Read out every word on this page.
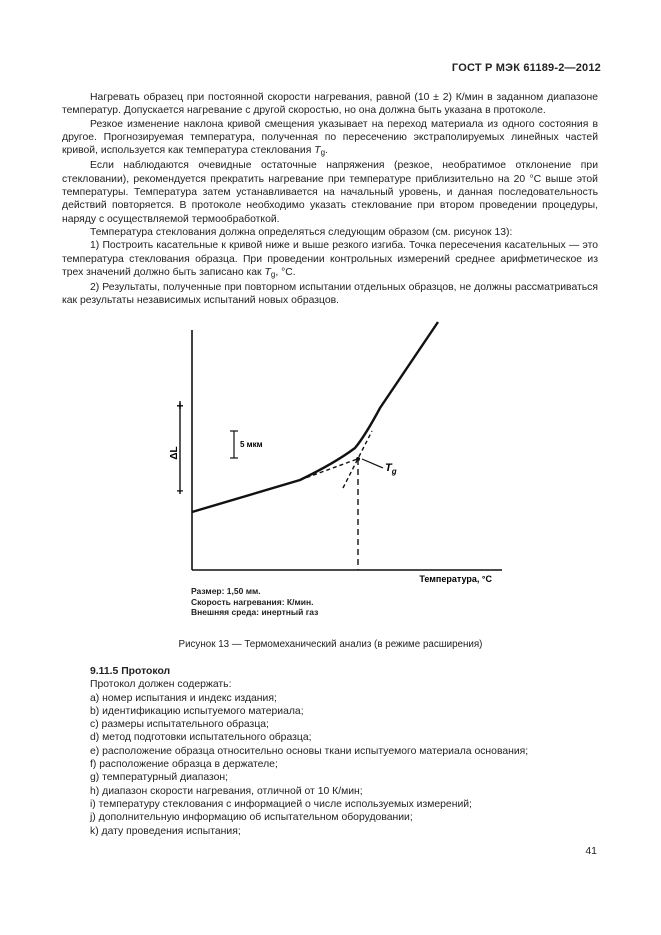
ГОСТ Р МЭК 61189-2—2012

Нагревать образец при постоянной скорости нагревания, равной (10 ± 2) К/мин в заданном диапазоне температур. Допускается нагревание с другой скоростью, но она должна быть указана в протоколе.

Резкое изменение наклона кривой смещения указывает на переход материала из одного состояния в другое. Прогнозируемая температура, полученная по пересечению экстраполируемых линейных частей кривой, используется как температура стеклования $T_g$.

Если наблюдаются очевидные остаточные напряжения (резкое, необратимое отклонение при стекловании), рекомендуется прекратить нагревание при температуре приблизительно на 20 °С выше этой температуры. Температура затем устанавливается на начальный уровень, и данная последовательность действий повторяется. В протоколе необходимо указать стеклование при втором проведении процедуры, наряду с осуществляемой термообработкой.

Температура стеклования должна определяться следующим образом (см. рисунок 13):

1) Построить касательные к кривой ниже и выше резкого изгиба. Точка пересечения касательных — это температура стеклования образца. При проведении контрольных измерений среднее арифметическое из трех значений должно быть записано как $T_g$, °С.

2) Результаты, полученные при повторном испытании отдельных образцов, не должны рассматриваться как результаты независимых испытаний новых образцов.

+
–
ΔL
5 мкм
$T_g$
Температура, °С
Размер: 1,50 мм.
Скорость нагревания: К/мин.
Внешняя среда: инертный газ
Рисунок 13 — Термомеханический анализ (в режиме расширения)

9.11.5 Протокол

Протокол должен содержать:

a) номер испытания и индекс издания;

b) идентификацию испытуемого материала;

c) размеры испытательного образца;

d) метод подготовки испытательного образца;

e) расположение образца относительно основы ткани испытуемого материала основания;

f) расположение образца в держателе;

g) температурный диапазон;

h) диапазон скорости нагревания, отличной от 10 К/мин;

i) температуру стеклования с информацией о числе используемых измерений;

j) дополнительную информацию об испытательном оборудовании;

k) дату проведения испытания;

41
